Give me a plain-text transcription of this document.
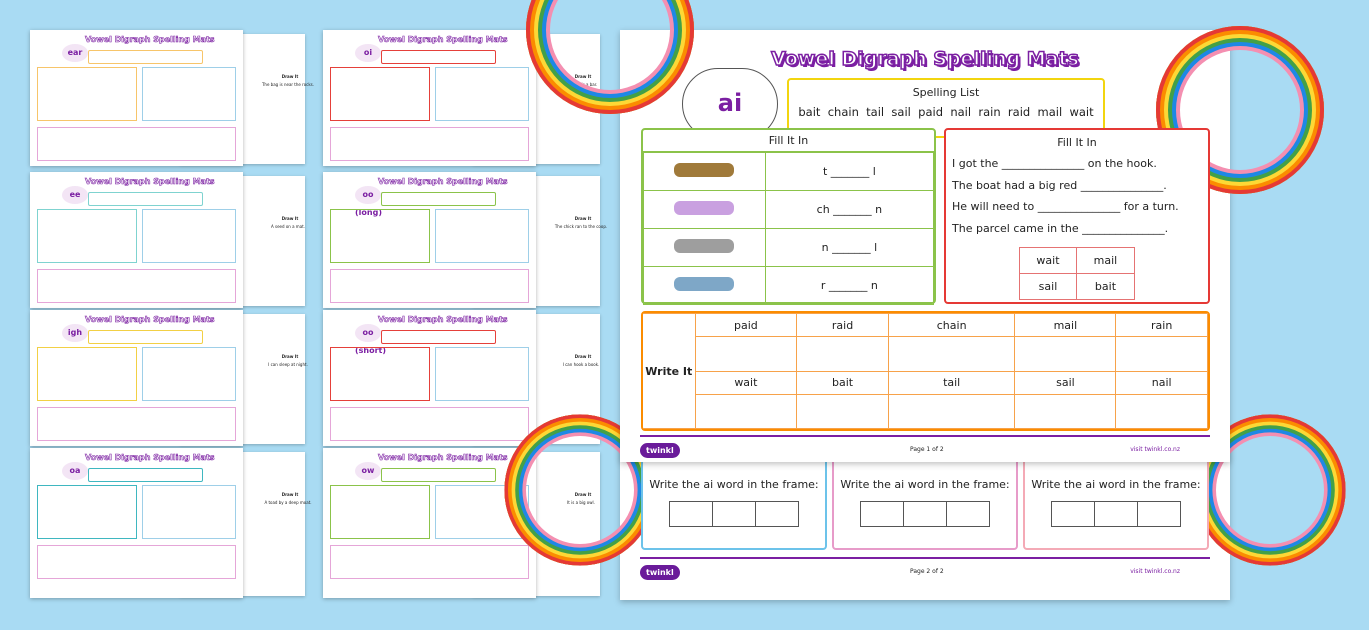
Draw It
The bag is near the rocks.
Vowel Digraph Spelling Mats
ear
Draw It
A seed on a mat.
Vowel Digraph Spelling Mats
ee
Draw It
I can sleep at night.
Vowel Digraph Spelling Mats
igh
Draw It
A toad by a deep moat.
Vowel Digraph Spelling Mats
oa
Draw It
This foil is a bar.
Vowel Digraph Spelling Mats
oi
Draw It
The chick ran to the coop.
Vowel Digraph Spelling Mats
oo (long)
Draw It
I can hook a book.
Vowel Digraph Spelling Mats
oo (short)
Draw It
It is a big owl.
Vowel Digraph Spelling Mats
ow
Write the ai word in the frame:	Write the ai word in the frame:	Write the ai word in the frame:
twinkl	Page 2 of 2	visit twinkl.co.nz
Vowel Digraph Spelling Mats
ai	Spelling List
bait  chain  tail  sail  paid  nail  rain  raid  mail  wait
Fill It In
	t _______ l
	ch _______ n
	n _______ l
	r _______ n
Fill It In
I got the _______________ on the hook.
The boat had a big red _______________.
He will need to _______________ for a turn.
The parcel came in the _______________.
wait	mail
sail	bait
Write It	paid	raid	chain	mail	rain

	wait	bait	tail	sail	nail

twinkl	Page 1 of 2	visit twinkl.co.nz
